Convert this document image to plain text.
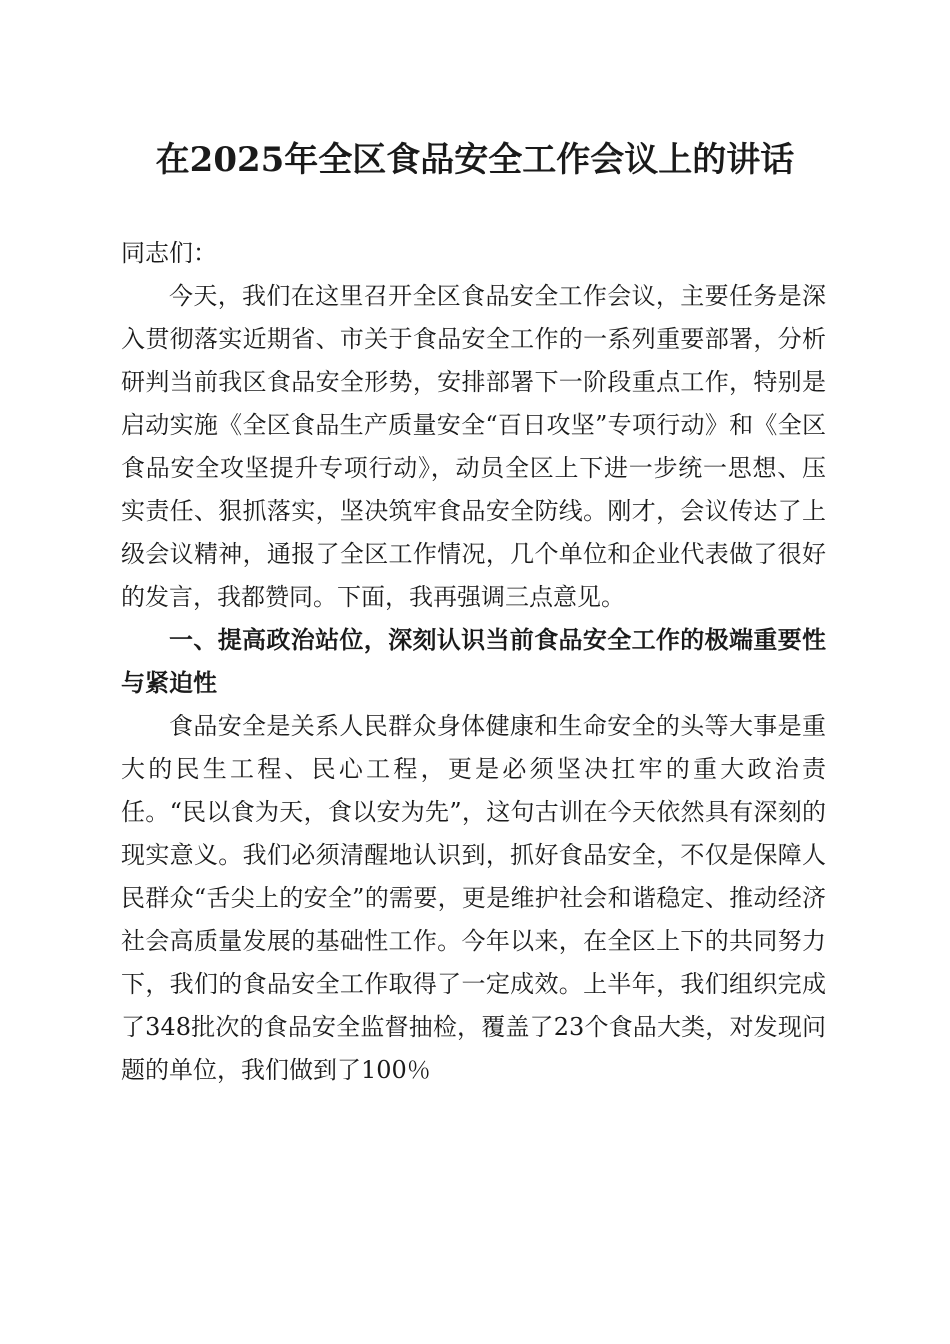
在2025年全区食品安全工作会议上的讲话

同志们：

今天，我们在这里召开全区食品安全工作会议，主要任务是深入贯彻落实近期省、市关于食品安全工作的一系列重要部署，分析研判当前我区食品安全形势，安排部署下一阶段重点工作，特别是启动实施《全区食品生产质量安全“百日攻坚”专项行动》和《全区食品安全攻坚提升专项行动》，动员全区上下进一步统一思想、压实责任、狠抓落实，坚决筑牢食品安全防线。刚才，会议传达了上级会议精神，通报了全区工作情况，几个单位和企业代表做了很好的发言，我都赞同。下面，我再强调三点意见。

一、提高政治站位，深刻认识当前食品安全工作的极端重要性与紧迫性

食品安全是关系人民群众身体健康和生命安全的头等大事是重大的民生工程、民心工程，更是必须坚决扛牢的重大政治责任。“民以食为天，食以安为先”，这句古训在今天依然具有深刻的现实意义。我们必须清醒地认识到，抓好食品安全，不仅是保障人民群众“舌尖上的安全”的需要，更是维护社会和谐稳定、推动经济社会高质量发展的基础性工作。今年以来，在全区上下的共同努力下，我们的食品安全工作取得了一定成效。上半年，我们组织完成了348批次的食品安全监督抽检，覆盖了23个食品大类，对发现问题的单位，我们做到了100％
